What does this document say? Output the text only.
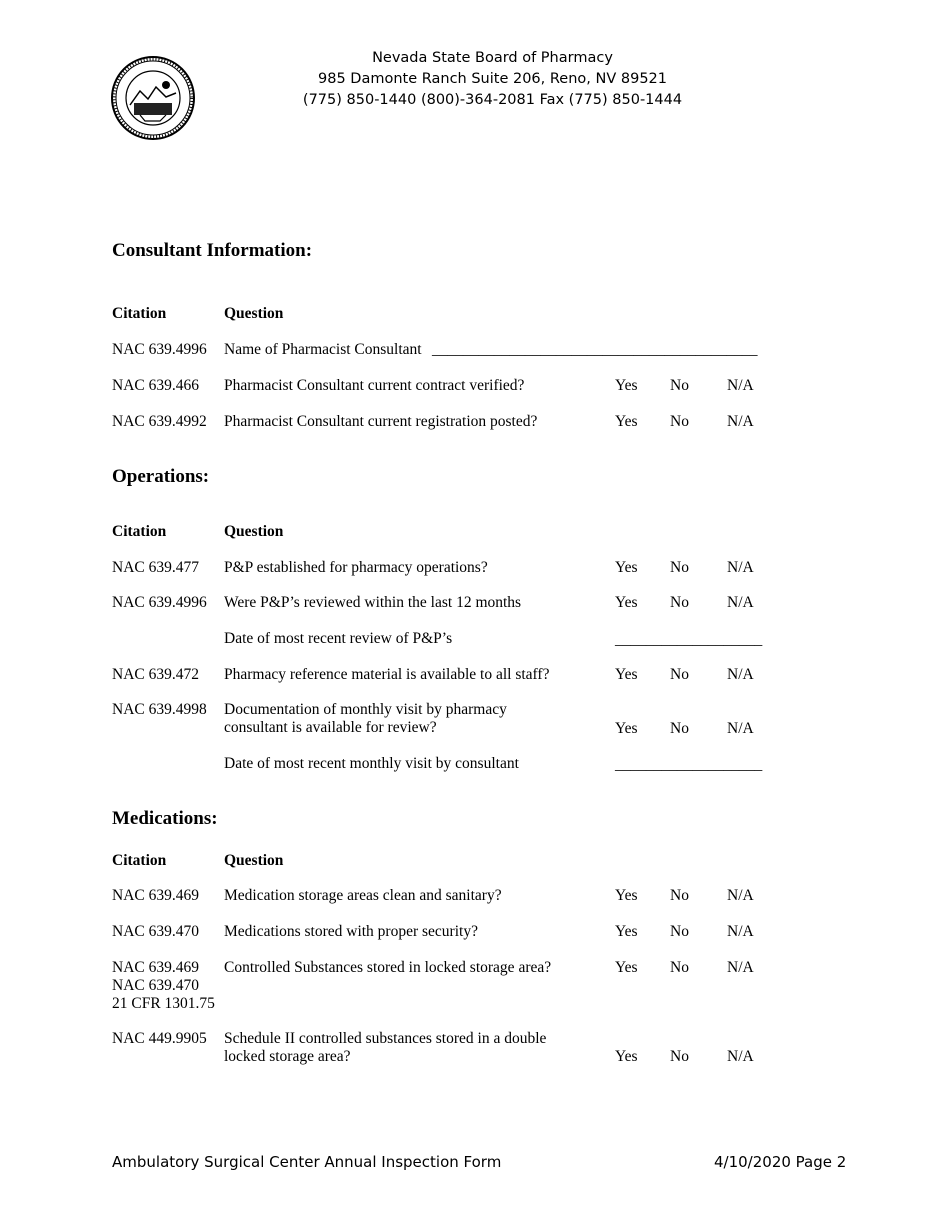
Nevada State Board of Pharmacy
985 Damonte Ranch Suite 206, Reno, NV 89521
(775) 850-1440 (800)-364-2081 Fax (775) 850-1444
Consultant Information:
Citation	Question
NAC 639.4996 Name of Pharmacist Consultant __________________________________________
NAC 639.466 Pharmacist Consultant current contract verified?	Yes No N/A
NAC 639.4992 Pharmacist Consultant current registration posted?	Yes No N/A
Operations:
Citation	Question
NAC 639.477 P&P established for pharmacy operations?	Yes No N/A
NAC 639.4996 Were P&P’s reviewed within the last 12 months	Yes No N/A
Date of most recent review of P&P’s	___________________
NAC 639.472 Pharmacy reference material is available to all staff?	Yes No N/A
NAC 639.4998 Documentation of monthly visit by pharmacy consultant is available for review?	Yes No N/A
Date of most recent monthly visit by consultant	___________________
Medications:
Citation	Question
NAC 639.469 Medication storage areas clean and sanitary?	Yes No N/A
NAC 639.470 Medications stored with proper security?	Yes No N/A
NAC 639.469
NAC 639.470
21 CFR 1301.75
Controlled Substances stored in locked storage area?	Yes No N/A
NAC 449.9905 Schedule II controlled substances stored in a double locked storage area?	Yes No N/A
Ambulatory Surgical Center Annual Inspection Form	4/10/2020 Page 2
